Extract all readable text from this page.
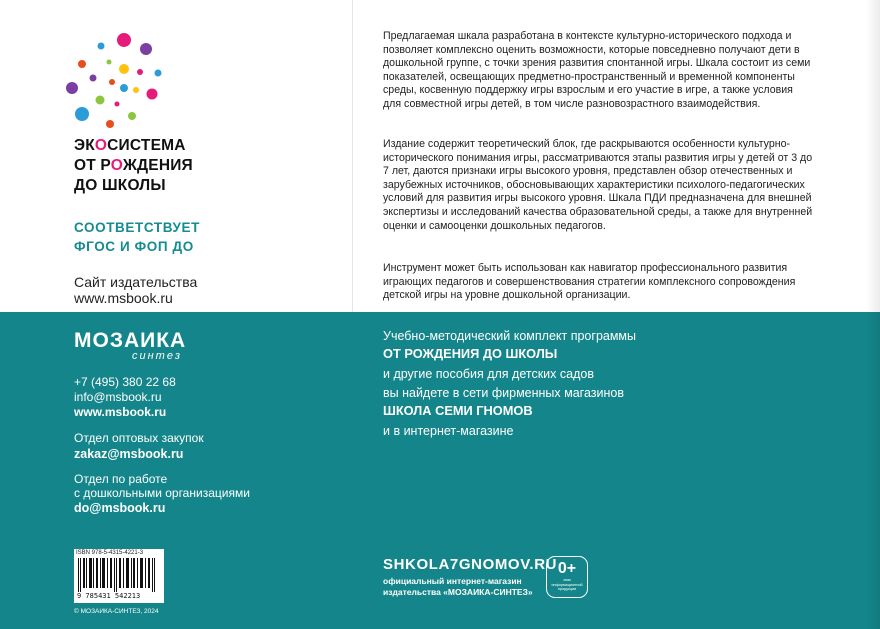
ЭКОСИСТЕМА
ОТ РОЖДЕНИЯ
ДО ШКОЛЫ
СООТВЕТСТВУЕТ
ФГОС И ФОП ДО
Сайт издательства
www.msbook.ru

Предлагаемая шкала разработана в контексте культурно-исторического подхода и позволяет комплексно оценить возможности, которые повседневно получают дети в дошкольной группе, с точки зрения развития спонтанной игры. Шкала состоит из семи показателей, освещающих предметно-пространственный и временной компоненты среды, косвенную поддержку игры взрослым и его участие в игре, а также условия для совместной игры детей, в том числе разновозрастного взаимодействия.

Издание содержит теоретический блок, где раскрываются особенности культурно-исторического понимания игры, рассматриваются этапы развития игры у детей от 3 до 7 лет, даются признаки игры высокого уровня, представлен обзор отечественных и зарубежных источников, обосновывающих характеристики психолого-педагогических условий для развития игры высокого уровня. Шкала ПДИ предназначена для внешней экспертизы и исследований качества образовательной среды, а также для внутренней оценки и самооценки дошкольных педагогов.

Инструмент может быть использован как навигатор профессионального развития играющих педагогов и совершенствования стратегии комплексного сопровождения детской игры на уровне дошкольной организации.

МОЗАИКА
синтез
+7 (495) 380 22 68
info@msbook.ru
www.msbook.ru
Отдел оптовых закупок
zakaz@msbook.ru
Отдел по работе
с дошкольными организациями
do@msbook.ru
Учебно-методический комплект программы
ОТ РОЖДЕНИЯ ДО ШКОЛЫ
и другие пособия для детских садов
вы найдете в сети фирменных магазинов
ШКОЛА СЕМИ ГНОМОВ
и в интернет-магазине
ISBN 978-5-4315-4221-3
9 785431 542213
© МОЗАИКА-СИНТЕЗ, 2024
SHKOLA7GNOMOV.RU
официальный интернет-магазин
издательства «МОЗАИКА-СИНТЕЗ»
0+
знак информационной продукции
